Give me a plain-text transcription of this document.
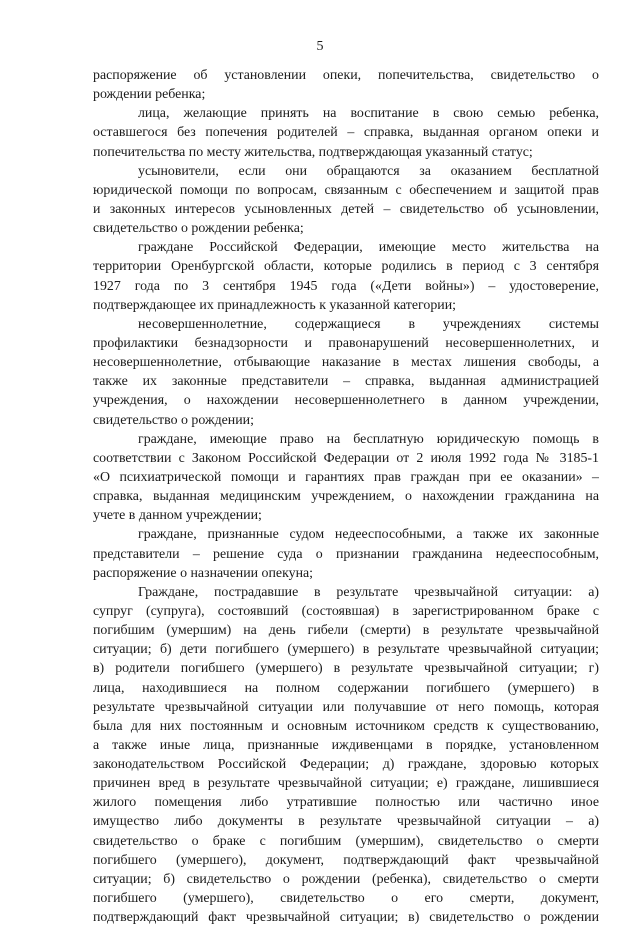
5
распоряжение об установлении опеки, попечительства, свидетельство о
рождении ребенка;
лица, желающие принять на воспитание в свою семью ребенка,
оставшегося без попечения родителей – справка, выданная органом опеки и
попечительства по месту жительства, подтверждающая указанный статус;
усыновители, если они обращаются за оказанием бесплатной
юридической помощи по вопросам, связанным с обеспечением и защитой прав
и законных интересов усыновленных детей – свидетельство об усыновлении,
свидетельство о рождении ребенка;
граждане Российской Федерации, имеющие место жительства на
территории Оренбургской области, которые родились в период с 3 сентября
1927 года по 3 сентября 1945 года («Дети войны») – удостоверение,
подтверждающее их принадлежность к указанной категории;
несовершеннолетние, содержащиеся в учреждениях системы
профилактики безнадзорности и правонарушений несовершеннолетних, и
несовершеннолетние, отбывающие наказание в местах лишения свободы, а
также их законные представители – справка, выданная администрацией
учреждения, о нахождении несовершеннолетнего в данном учреждении,
свидетельство о рождении;
граждане, имеющие право на бесплатную юридическую помощь в
соответствии с Законом Российской Федерации от 2 июля 1992 года № 3185-1
«О психиатрической помощи и гарантиях прав граждан при ее оказании» –
справка, выданная медицинским учреждением, о нахождении гражданина на
учете в данном учреждении;
граждане, признанные судом недееспособными, а также их законные
представители – решение суда о признании гражданина недееспособным,
распоряжение о назначении опекуна;
Граждане, пострадавшие в результате чрезвычайной ситуации: а)
супруг (супруга), состоявший (состоявшая) в зарегистрированном браке с
погибшим (умершим) на день гибели (смерти) в результате чрезвычайной
ситуации; б) дети погибшего (умершего) в результате чрезвычайной ситуации;
в) родители погибшего (умершего) в результате чрезвычайной ситуации; г)
лица, находившиеся на полном содержании погибшего (умершего) в
результате чрезвычайной ситуации или получавшие от него помощь, которая
была для них постоянным и основным источником средств к существованию,
а также иные лица, признанные иждивенцами в порядке, установленном
законодательством Российской Федерации; д) граждане, здоровью которых
причинен вред в результате чрезвычайной ситуации; е) граждане, лишившиеся
жилого помещения либо утратившие полностью или частично иное
имущество либо документы в результате чрезвычайной ситуации – а)
свидетельство о браке с погибшим (умершим), свидетельство о смерти
погибшего (умершего), документ, подтверждающий факт чрезвычайной
ситуации; б) свидетельство о рождении (ребенка), свидетельство о смерти
погибшего (умершего), свидетельство о его смерти, документ,
подтверждающий факт чрезвычайной ситуации; в) свидетельство о рождении
